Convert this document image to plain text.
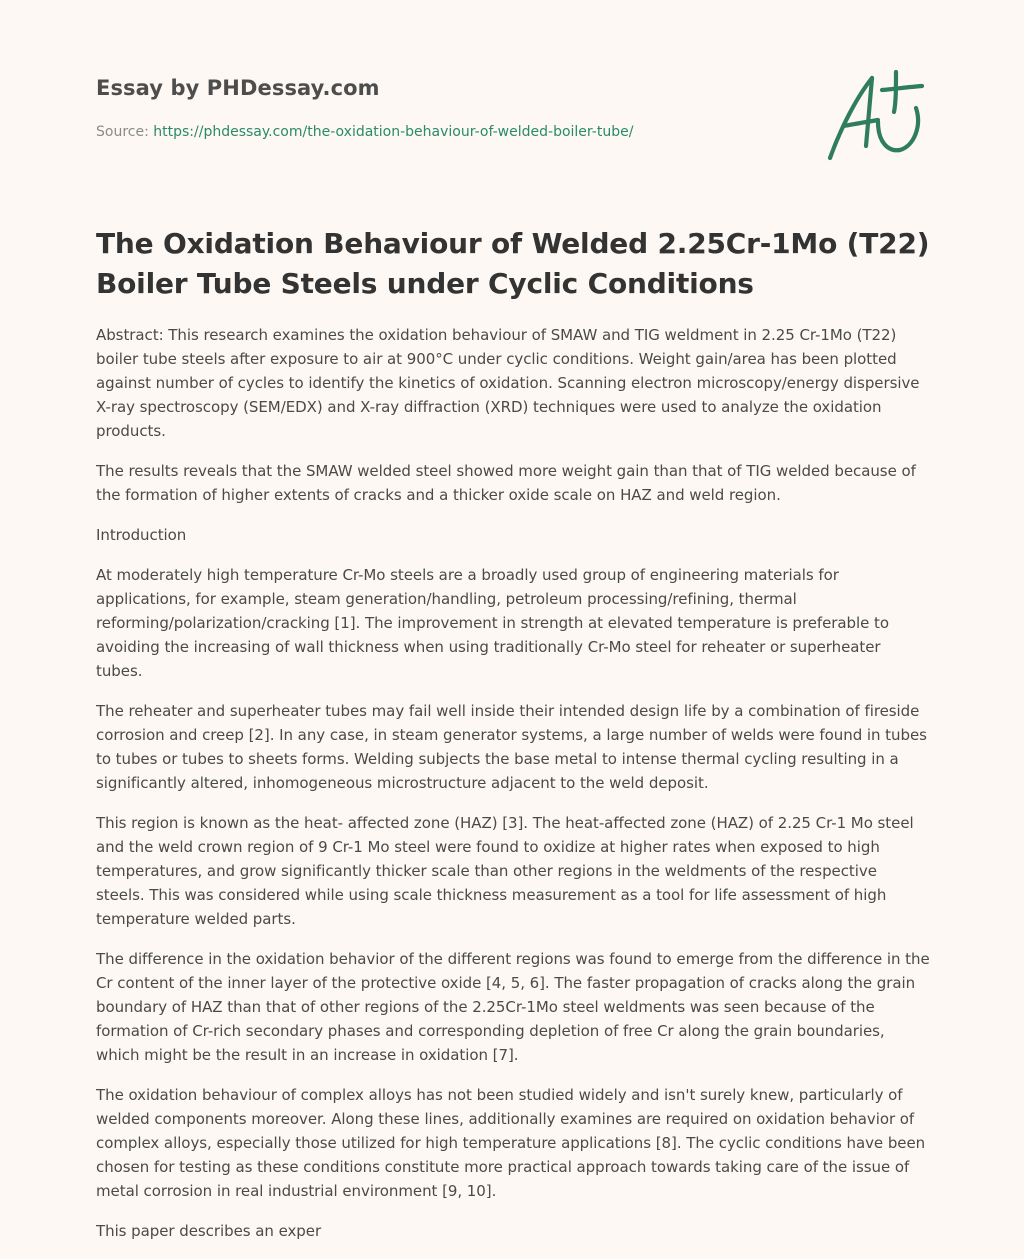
Essay by PHDessay.com
Source: https://phdessay.com/the-oxidation-behaviour-of-welded-boiler-tube/
The Oxidation Behaviour of Welded 2.25Cr-1Mo (T22) Boiler Tube Steels under Cyclic Conditions

Abstract: This research examines the oxidation behaviour of SMAW and TIG weldment in 2.25 Cr-1Mo (T22) boiler tube steels after exposure to air at 900°C under cyclic conditions. Weight gain/area has been plotted against number of cycles to identify the kinetics of oxidation. Scanning electron microscopy/energy dispersive X-ray spectroscopy (SEM/EDX) and X-ray diffraction (XRD) techniques were used to analyze the oxidation products.

The results reveals that the SMAW welded steel showed more weight gain than that of TIG welded because of the formation of higher extents of cracks and a thicker oxide scale on HAZ and weld region.

Introduction

At moderately high temperature Cr-Mo steels are a broadly used group of engineering materials for applications, for example, steam generation/handling, petroleum processing/refining, thermal reforming/polarization/cracking [1]. The improvement in strength at elevated temperature is preferable to avoiding the increasing of wall thickness when using traditionally Cr-Mo steel for reheater or superheater tubes.

The reheater and superheater tubes may fail well inside their intended design life by a combination of fireside corrosion and creep [2]. In any case, in steam generator systems, a large number of welds were found in tubes to tubes or tubes to sheets forms. Welding subjects the base metal to intense thermal cycling resulting in a significantly altered, inhomogeneous microstructure adjacent to the weld deposit.

This region is known as the heat- affected zone (HAZ) [3]. The heat-affected zone (HAZ) of 2.25 Cr-1 Mo steel and the weld crown region of 9 Cr-1 Mo steel were found to oxidize at higher rates when exposed to high temperatures, and grow significantly thicker scale than other regions in the weldments of the respective steels. This was considered while using scale thickness measurement as a tool for life assessment of high temperature welded parts.

The difference in the oxidation behavior of the different regions was found to emerge from the difference in the Cr content of the inner layer of the protective oxide [4, 5, 6]. The faster propagation of cracks along the grain boundary of HAZ than that of other regions of the 2.25Cr-1Mo steel weldments was seen because of the formation of Cr-rich secondary phases and corresponding depletion of free Cr along the grain boundaries, which might be the result in an increase in oxidation [7].

The oxidation behaviour of complex alloys has not been studied widely and isn't surely knew, particularly of welded components moreover. Along these lines, additionally examines are required on oxidation behavior of complex alloys, especially those utilized for high temperature applications [8]. The cyclic conditions have been chosen for testing as these conditions constitute more practical approach towards taking care of the issue of metal corrosion in real industrial environment [9, 10].

This paper describes an exper
